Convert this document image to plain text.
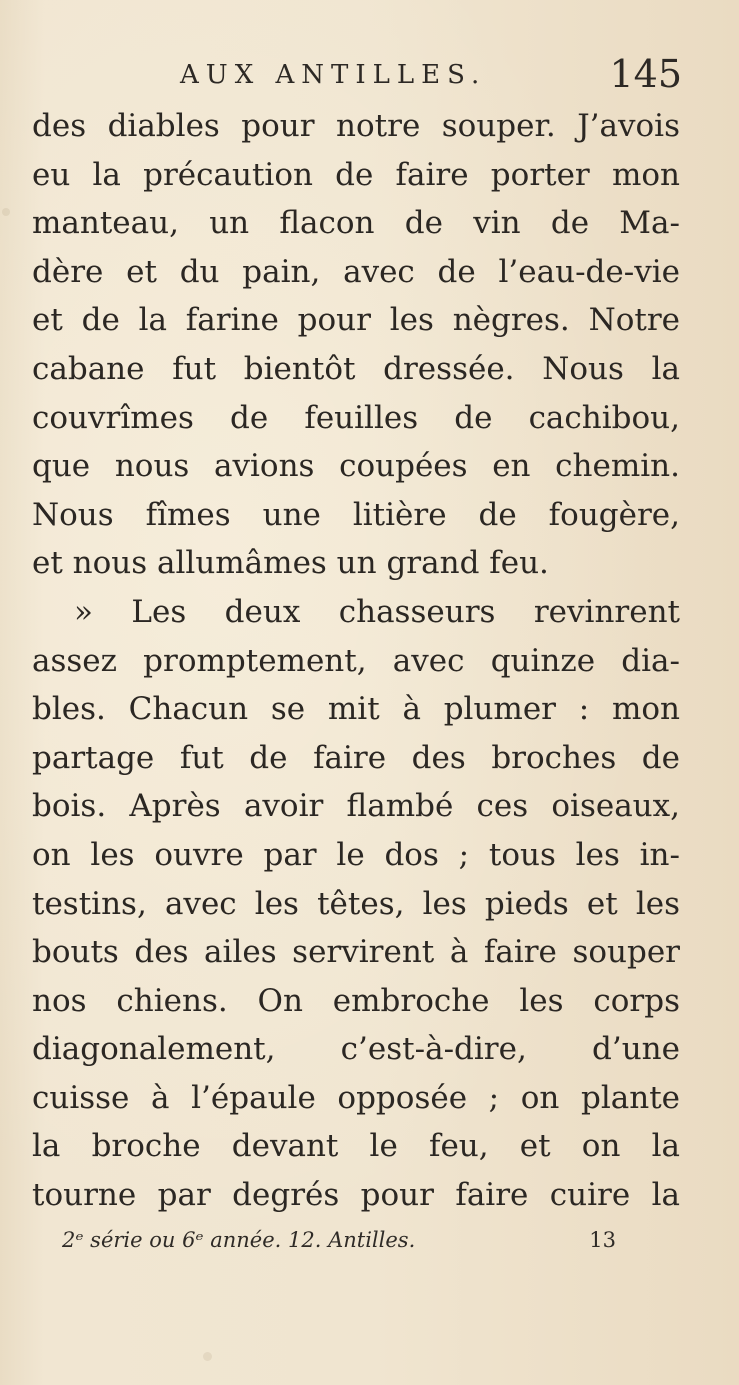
AUX ANTILLES.	145
des diables pour notre souper. J’avois
eu la précaution de faire porter mon
manteau, un flacon de vin de Ma-
dère et du pain, avec de l’eau-de-vie
et de la farine pour les nègres. Notre
cabane fut bientôt dressée. Nous la
couvrîmes de feuilles de cachibou,
que nous avions coupées en chemin.
Nous fîmes une litière de fougère,
et nous allumâmes un grand feu.
» Les deux chasseurs revinrent
assez promptement, avec quinze dia-
bles. Chacun se mit à plumer : mon
partage fut de faire des broches de
bois. Après avoir flambé ces oiseaux,
on les ouvre par le dos ; tous les in-
testins, avec les têtes, les pieds et les
bouts des ailes servirent à faire souper
nos chiens. On embroche les corps
diagonalement, c’est-à-dire, d’une
cuisse à l’épaule opposée ; on plante
la broche devant le feu, et on la
tourne par degrés pour faire cuire la
2ᵉ série ou 6ᵉ année. 12. Antilles.	13
